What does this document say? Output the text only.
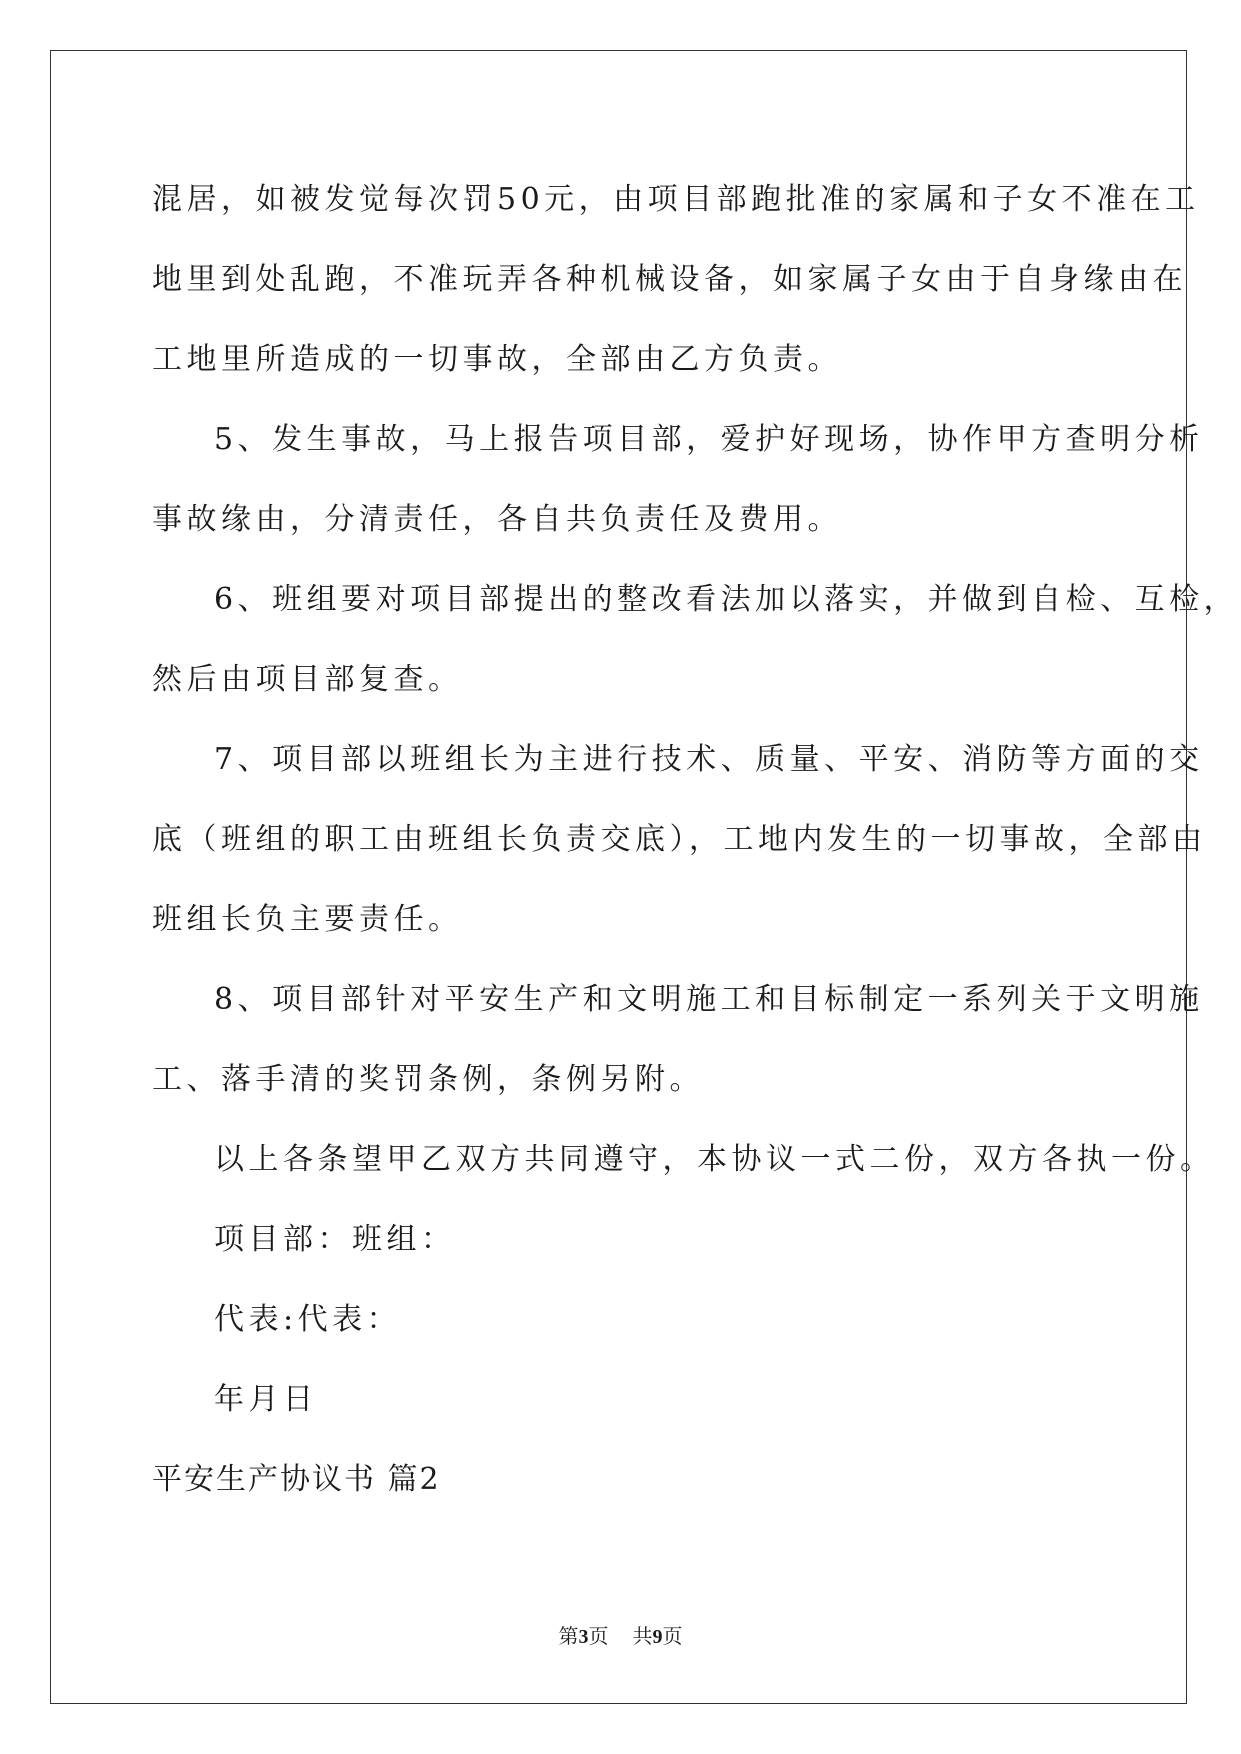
混居，如被发觉每次罚50元，由项目部跑批准的家属和子女不准在工
地里到处乱跑，不准玩弄各种机械设备，如家属子女由于自身缘由在
工地里所造成的一切事故，全部由乙方负责。
5、发生事故，马上报告项目部，爱护好现场，协作甲方查明分析
事故缘由，分清责任，各自共负责任及费用。
6、班组要对项目部提出的整改看法加以落实，并做到自检、互检，
然后由项目部复查。
7、项目部以班组长为主进行技术、质量、平安、消防等方面的交
底（班组的职工由班组长负责交底），工地内发生的一切事故，全部由
班组长负主要责任。
8、项目部针对平安生产和文明施工和目标制定一系列关于文明施
工、落手清的奖罚条例，条例另附。
以上各条望甲乙双方共同遵守，本协议一式二份，双方各执一份。
项目部：班组：
代表:代表：
年月日
平安生产协议书 篇2
第3页 共9页
